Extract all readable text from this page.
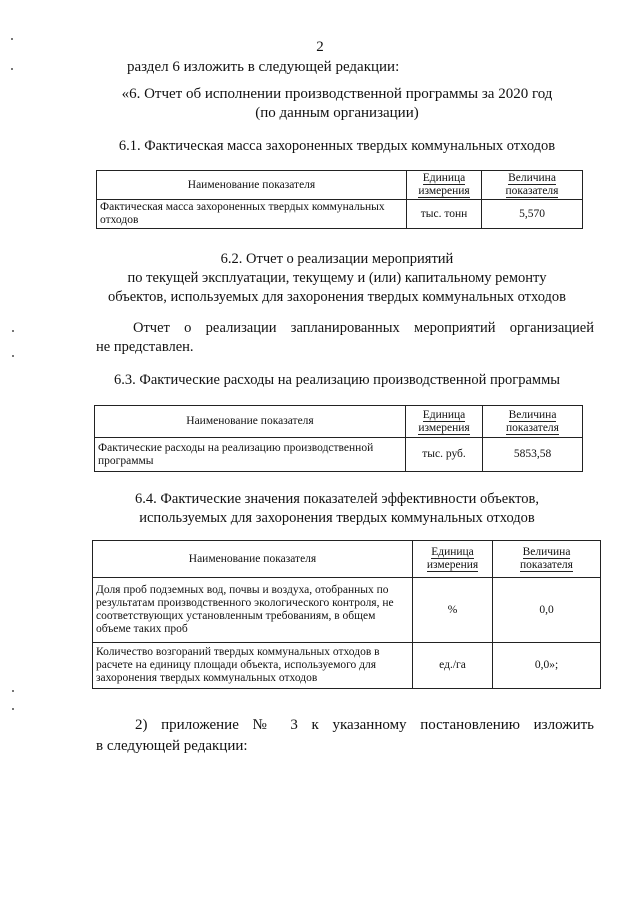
2
раздел 6 изложить в следующей редакции:
«6. Отчет об исполнении производственной программы за 2020 год
(по данным организации)
6.1. Фактическая масса захороненных твердых коммунальных отходов
Наименование показателя	Единица измерения	Величина показателя
Фактическая масса захороненных твердых коммунальных отходов	тыс. тонн	5,570
6.2. Отчет о реализации мероприятий
по текущей эксплуатации, текущему и (или) капитальному ремонту
объектов, используемых для захоронения твердых коммунальных отходов
Отчет о реализации запланированных мероприятий организацией
не представлен.
6.3. Фактические расходы на реализацию производственной программы
Наименование показателя	Единица измерения	Величина показателя
Фактические расходы на реализацию производственной программы	тыс. руб.	5853,58
6.4. Фактические значения показателей эффективности объектов,
используемых для захоронения твердых коммунальных отходов
Наименование показателя	Единица измерения	Величина показателя
Доля проб подземных вод, почвы и воздуха, отобранных по результатам производственного экологического контроля, не соответствующих установленным требованиям, в общем объеме таких проб	%	0,0
Количество возгораний твердых коммунальных отходов в расчете на единицу площади объекта, используемого для захоронения твердых коммунальных отходов	ед./га	0,0»;
2) приложение № 3 к указанному постановлению изложить
в следующей редакции:
